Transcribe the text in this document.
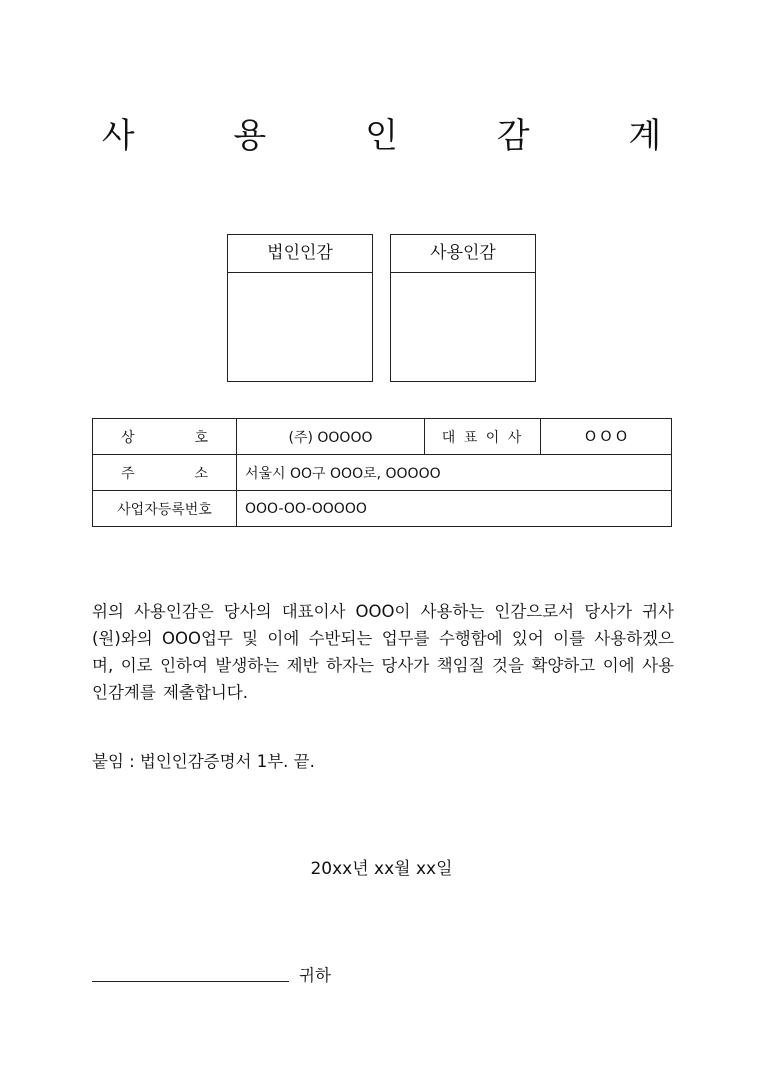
사 용 인 감 계
법인인감	사용인감
상 호	(주) OOOOO	대 표 이 사	O O O

주 소	서울시 OO구 OOO로, OOOOO		
사업자등록번호	OOO-OO-OOOOO		
위의 사용인감은 당사의 대표이사 OOO이 사용하는 인감으로서 당사가 귀사(원)와의 OOO업무 및 이에 수반되는 업무를 수행함에 있어 이를 사용하겠으며, 이로 인하여 발생하는 제반 하자는 당사가 책임질 것을 확양하고 이에 사용인감계를 제출합니다.
붙임 : 법인인감증명서 1부. 끝.
20xx년 xx월 xx일
귀하
